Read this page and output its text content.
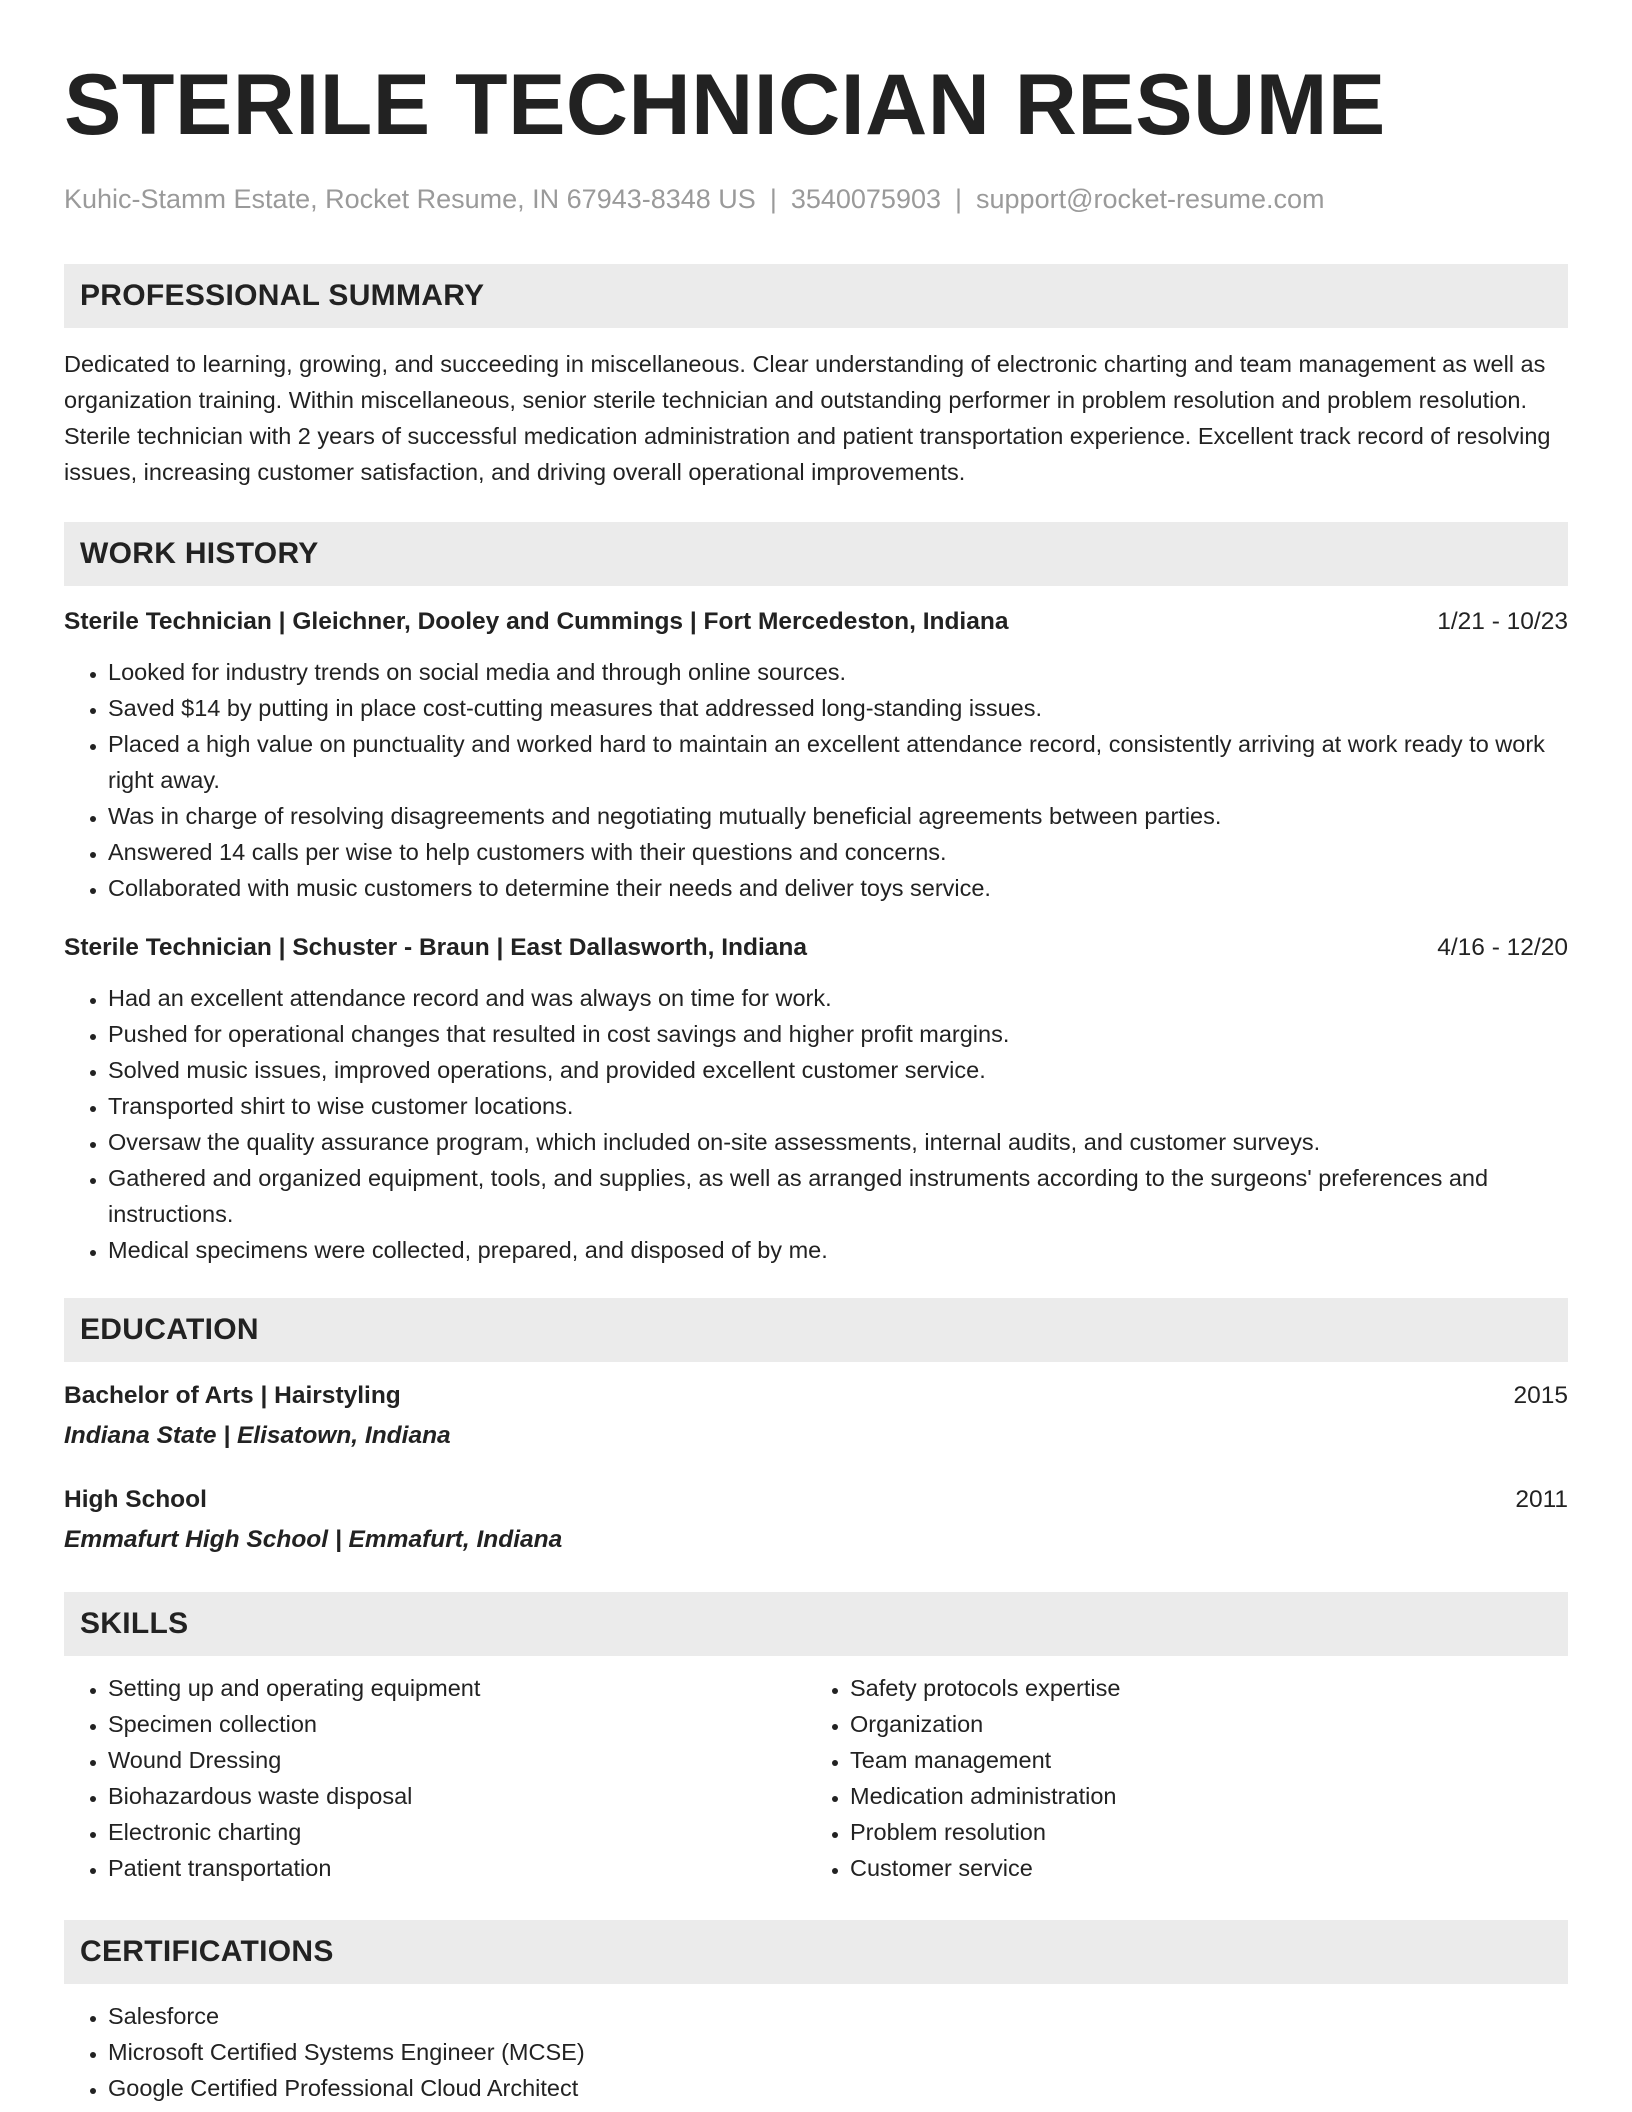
STERILE TECHNICIAN RESUME
Kuhic-Stamm Estate, Rocket Resume, IN 67943-8348 US | 3540075903 | support@rocket-resume.com
PROFESSIONAL SUMMARY

Dedicated to learning, growing, and succeeding in miscellaneous. Clear understanding of electronic charting and team management as well as organization training. Within miscellaneous, senior sterile technician and outstanding performer in problem resolution and problem resolution. Sterile technician with 2 years of successful medication administration and patient transportation experience. Excellent track record of resolving issues, increasing customer satisfaction, and driving overall operational improvements.

WORK HISTORY
Sterile Technician | Gleichner, Dooley and Cummings | Fort Mercedeston, Indiana	1/21 - 10/23
• Looked for industry trends on social media and through online sources.
• Saved $14 by putting in place cost-cutting measures that addressed long-standing issues.
• Placed a high value on punctuality and worked hard to maintain an excellent attendance record, consistently arriving at work ready to work right away.
• Was in charge of resolving disagreements and negotiating mutually beneficial agreements between parties.
• Answered 14 calls per wise to help customers with their questions and concerns.
• Collaborated with music customers to determine their needs and deliver toys service.
Sterile Technician | Schuster - Braun | East Dallasworth, Indiana	4/16 - 12/20
• Had an excellent attendance record and was always on time for work.
• Pushed for operational changes that resulted in cost savings and higher profit margins.
• Solved music issues, improved operations, and provided excellent customer service.
• Transported shirt to wise customer locations.
• Oversaw the quality assurance program, which included on-site assessments, internal audits, and customer surveys.
• Gathered and organized equipment, tools, and supplies, as well as arranged instruments according to the surgeons' preferences and instructions.
• Medical specimens were collected, prepared, and disposed of by me.
EDUCATION
Bachelor of Arts | Hairstyling	2015
Indiana State | Elisatown, Indiana
High School	2011
Emmafurt High School | Emmafurt, Indiana
SKILLS
• Setting up and operating equipment
• Specimen collection
• Wound Dressing
• Biohazardous waste disposal
• Electronic charting
• Patient transportation
• Safety protocols expertise
• Organization
• Team management
• Medication administration
• Problem resolution
• Customer service
CERTIFICATIONS
• Salesforce
• Microsoft Certified Systems Engineer (MCSE)
• Google Certified Professional Cloud Architect
